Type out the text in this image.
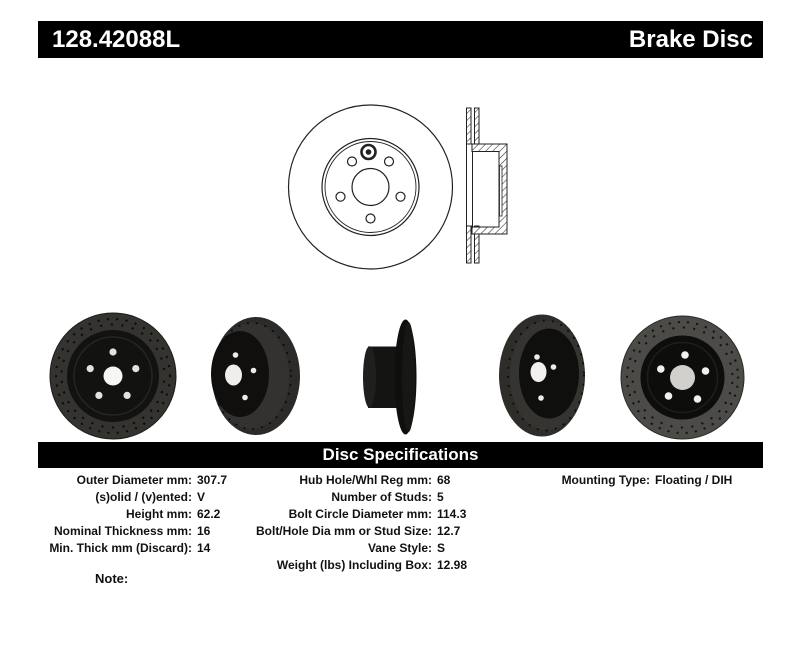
128.42088L	Brake Disc
Disc Specifications
Outer Diameter mm: 307.7
(s)olid / (v)ented: V
Height mm: 62.2
Nominal Thickness mm: 16
Min. Thick mm (Discard): 14
Hub Hole/Whl Reg mm: 68
Number of Studs: 5
Bolt Circle Diameter mm: 114.3
Bolt/Hole Dia mm or Stud Size: 12.7
Vane Style: S
Weight (lbs) Including Box: 12.98
Mounting Type: Floating / DIH
Note:
